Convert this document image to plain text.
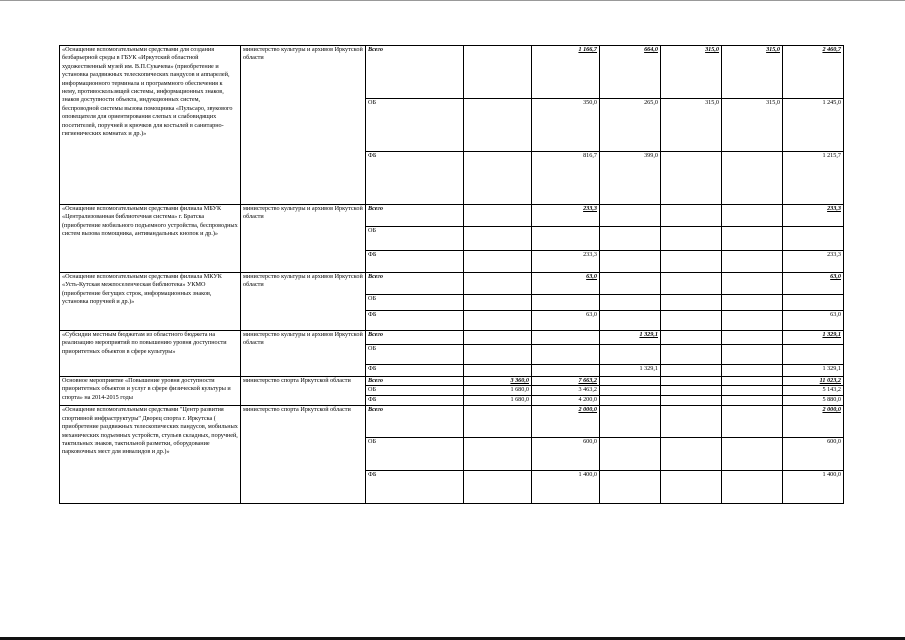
«Оснащение вспомогательными средствами для создания безбарьерной среды в ГБУК «Иркутский областной художественный музей им. В.П.Сукачева» (приобретение и установка раздвижных телескопических пандусов и аппарелей, информационного терминала и программного обеспечения к нему, противоскользящей системы, информационных знаков, знаков доступности объекта, индукционных систем, беспроводной системы вызова помощника «Пульсаро, звукового оповещателя для ориентирования слепых и слабовидящих посетителей, поручней и крючков для костылей в санитарно-гигиенических комнатах и др.)»	министерство культуры и архивов Иркутской области	Всего		1 166,7	664,0	315,0	315,0	2 460,7
		ОБ		350,0	265,0	315,0	315,0	1 245,0
		ФБ		816,7	399,0			1 215,7
«Оснащение вспомогательными средствами филиала МБУК «Централизованная библиотечная система» г. Братска (приобретение мобильного подъемного устройства, беспроводных систем вызова помощника, антивандальных кнопок и др.)»	министерство культуры и архивов Иркутской области	Всего		233,3				233,3
		ОБ						
		ФБ		233,3				233,3
«Оснащение вспомогательными средствами филиала МКУК «Усть-Кутская межпоселенческая библиотека» УКМО (приобретение бегущих строк, информационных знаков, установка поручней и др.)»	министерство культуры и архивов Иркутской области	Всего		63,0				63,0
		ОБ						
		ФБ		63,0				63,0
«Субсидии местным бюджетам из областного бюджета на реализацию мероприятий по повышению уровня доступности приоритетных объектов в сфере культуры»	министерство культуры и архивов Иркутской области	Всего			1 329,1			1 329,1
		ОБ						
		ФБ			1 329,1			1 329,1
Основное мероприятие «Повышение уровня доступности приоритетных объектов и услуг в сфере физической культуры и спорта» на 2014-2015 годы	министерство спорта Иркутской области	Всего	3 360,0	7 663,2				11 023,2
		ОБ	1 680,0	3 463,2				5 143,2
		ФБ	1 680,0	4 200,0				5 880,0
«Оснащение вспомогательными средствами "Центр развития спортивной инфраструктуры" Дворец спорта г. Иркутска ( приобретение раздвижных телескопических пандусов, мобильных механических подъемных устройств, стульев складных, поручней, тактильных знаков, тактильной разметки, оборудование парковочных мест для инвалидов и др.)»	министерство спорта Иркутской области	Всего		2 000,0				2 000,0
		ОБ		600,0				600,0
		ФБ		1 400,0				1 400,0
